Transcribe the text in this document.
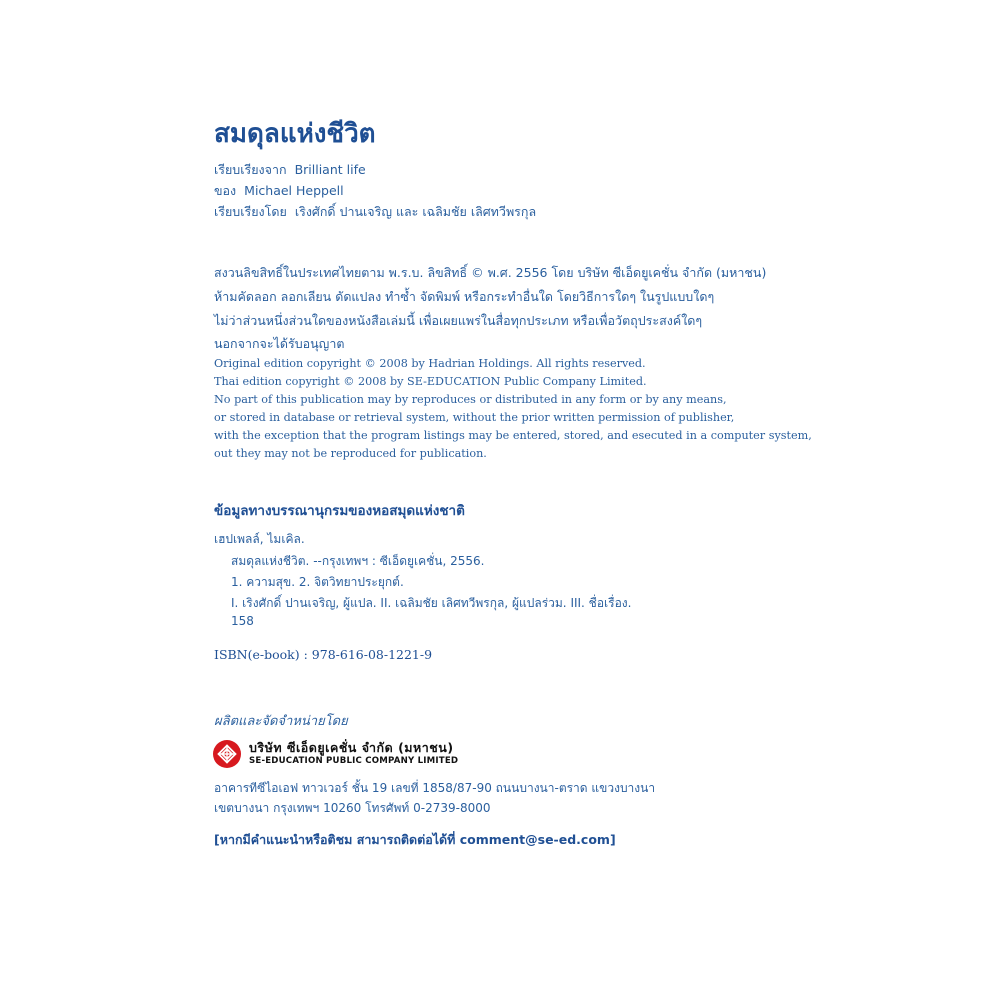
สมดุลแห่งชีวิต
เรียบเรียงจาก Brilliant life
ของ Michael Heppell
เรียบเรียงโดย เริงศักดิ์ ปานเจริญ และ เฉลิมชัย เลิศทวีพรกุล
สงวนลิขสิทธิ์ในประเทศไทยตาม พ.ร.บ. ลิขสิทธิ์ © พ.ศ. 2556 โดย บริษัท ซีเอ็ดยูเคชั่น จำกัด (มหาชน)
ห้ามคัดลอก ลอกเลียน ดัดแปลง ทำซ้ำ จัดพิมพ์ หรือกระทำอื่นใด โดยวิธีการใดๆ ในรูปแบบใดๆ
ไม่ว่าส่วนหนึ่งส่วนใดของหนังสือเล่มนี้ เพื่อเผยแพร่ในสื่อทุกประเภท หรือเพื่อวัตถุประสงค์ใดๆ
นอกจากจะได้รับอนุญาต
Original edition copyright © 2008 by Hadrian Holdings. All rights reserved.
Thai edition copyright © 2008 by SE-EDUCATION Public Company Limited.
No part of this publication may by reproduces or distributed in any form or by any means,
or stored in database or retrieval system, without the prior written permission of publisher,
with the exception that the program listings may be entered, stored, and esecuted in a computer system,
out they may not be reproduced for publication.
ข้อมูลทางบรรณานุกรมของหอสมุดแห่งชาติ
เฮปเพลล์, ไมเคิล.
สมดุลแห่งชีวิต. --กรุงเทพฯ : ซีเอ็ดยูเคชั่น, 2556.
1. ความสุข. 2. จิตวิทยาประยุกต์.
I. เริงศักดิ์ ปานเจริญ, ผู้แปล. II. เฉลิมชัย เลิศทวีพรกุล, ผู้แปลร่วม. III. ชื่อเรื่อง.
158
ISBN(e-book) : 978-616-08-1221-9
ผลิตและจัดจำหน่ายโดย
บริษัท ซีเอ็ดยูเคชั่น จำกัด (มหาชน)
SE-EDUCATION PUBLIC COMPANY LIMITED
อาคารทีซีไอเอฟ ทาวเวอร์ ชั้น 19 เลขที่ 1858/87-90 ถนนบางนา-ตราด แขวงบางนา
เขตบางนา กรุงเทพฯ 10260 โทรศัพท์ 0-2739-8000
[หากมีคำแนะนำหรือติชม สามารถติดต่อได้ที่ comment@se-ed.com]
